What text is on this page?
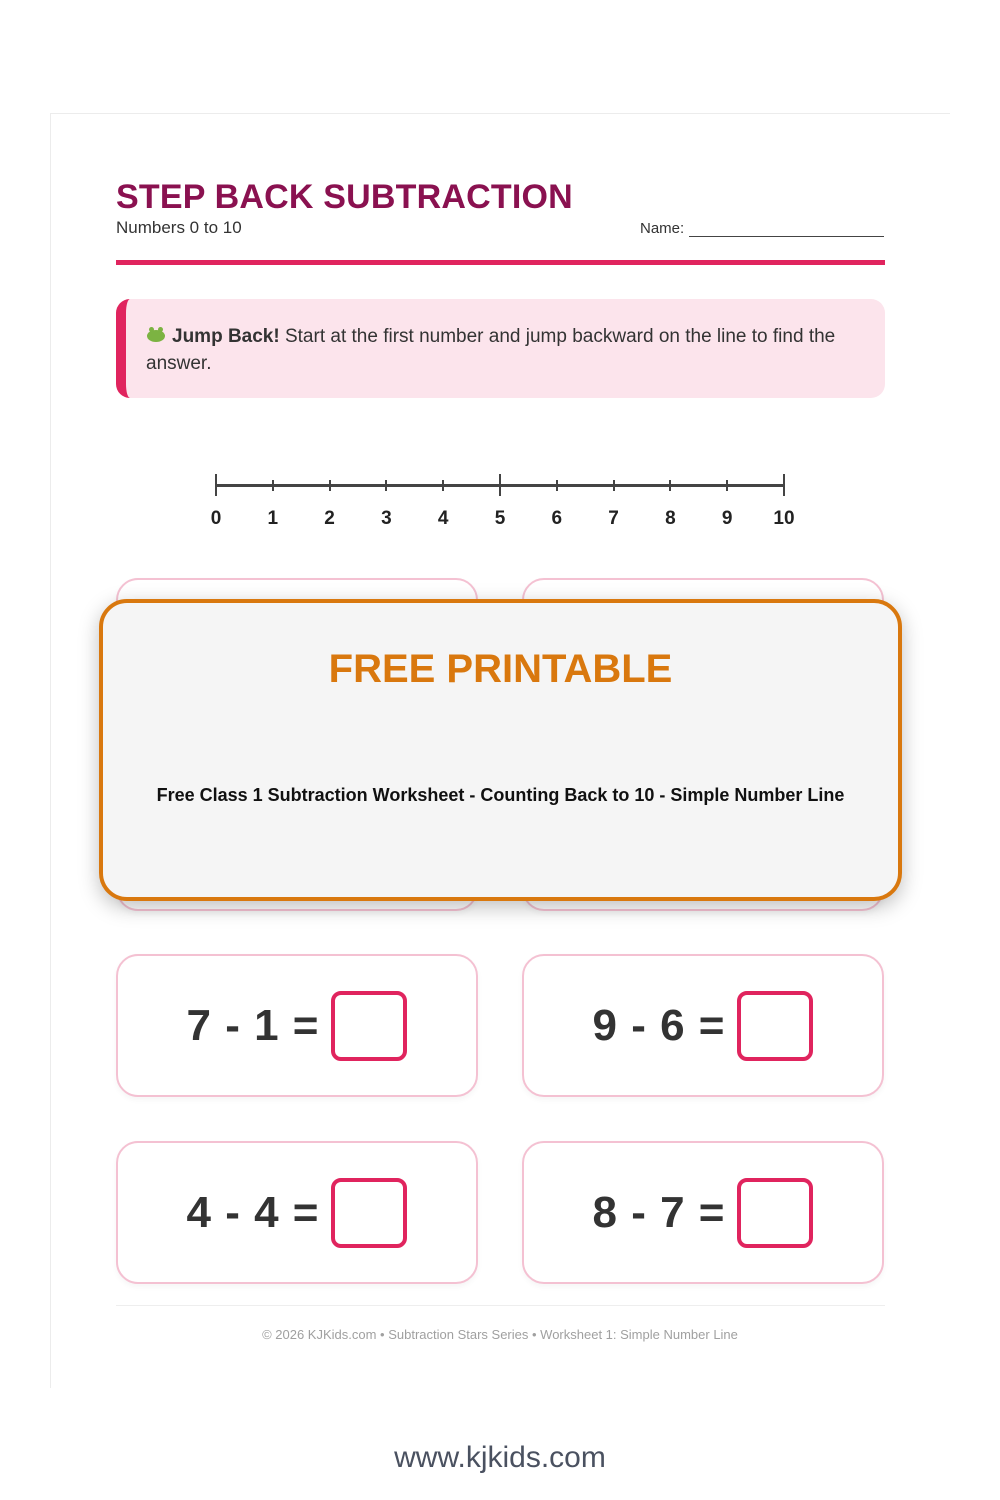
STEP BACK SUBTRACTION
Numbers 0 to 10	Name:
Jump Back! Start at the first number and jump backward on the line to find the answer.
0	1	2	3	4	5	6	7	8	9	10
FREE PRINTABLE
Free Class 1 Subtraction Worksheet - Counting Back to 10 - Simple Number Line
7 - 1 =	9 - 6 =
4 - 4 =	8 - 7 =
© 2026 KJKids.com • Subtraction Stars Series • Worksheet 1: Simple Number Line
www.kjkids.com
